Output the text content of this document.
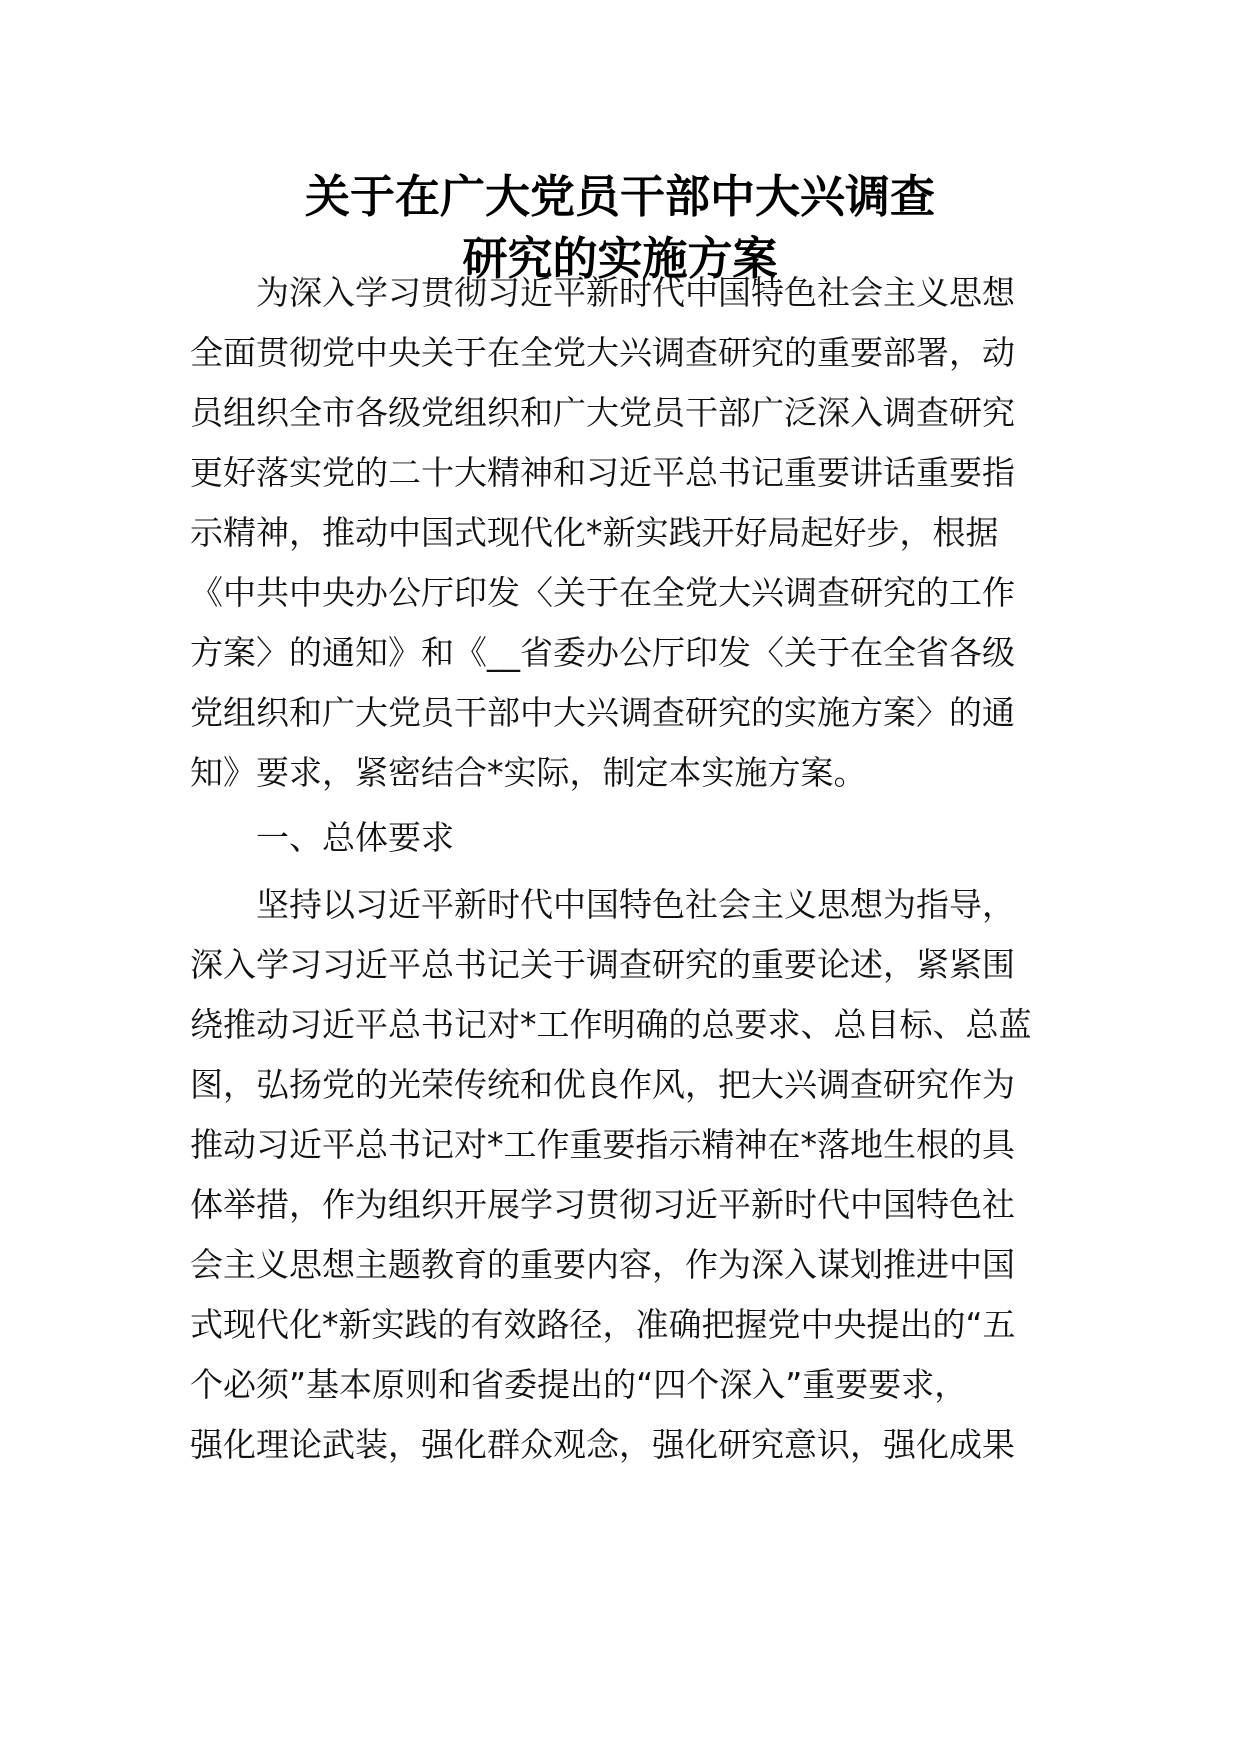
关于在广大党员干部中大兴调查
研究的实施方案
为深入学习贯彻习近平新时代中国特色社会主义思想
全面贯彻党中央关于在全党大兴调查研究的重要部署，动
员组织全市各级党组织和广大党员干部广泛深入调查研究
更好落实党的二十大精神和习近平总书记重要讲话重要指
示精神，推动中国式现代化*新实践开好局起好步，根据
《中共中央办公厅印发〈关于在全党大兴调查研究的工作
方案〉的通知》和《__省委办公厅印发〈关于在全省各级
党组织和广大党员干部中大兴调查研究的实施方案〉的通
知》要求，紧密结合*实际，制定本实施方案。
一、总体要求
坚持以习近平新时代中国特色社会主义思想为指导，
深入学习习近平总书记关于调查研究的重要论述，紧紧围
绕推动习近平总书记对*工作明确的总要求、总目标、总蓝
图，弘扬党的光荣传统和优良作风，把大兴调查研究作为
推动习近平总书记对*工作重要指示精神在*落地生根的具
体举措，作为组织开展学习贯彻习近平新时代中国特色社
会主义思想主题教育的重要内容，作为深入谋划推进中国
式现代化*新实践的有效路径，准确把握党中央提出的“五
个必须”基本原则和省委提出的“四个深入”重要要求，
强化理论武装，强化群众观念，强化研究意识，强化成果
